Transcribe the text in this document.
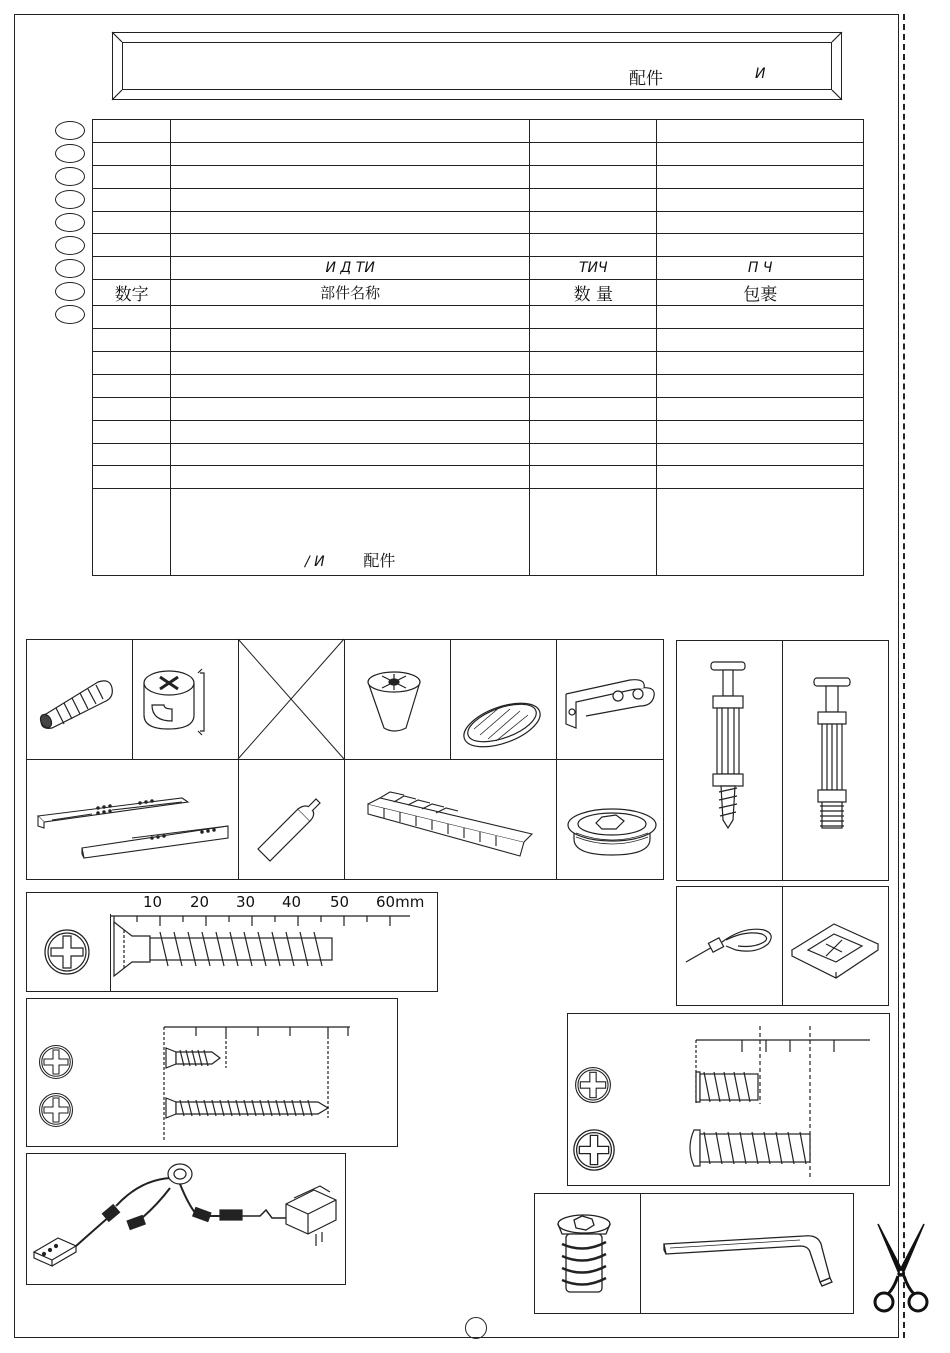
配件	И

	И Д ТИ	ТИЧ	П Ч
数字	部件名称	数 量	包裹

	/ И 配件		
10 20 30 40 50 60mm
